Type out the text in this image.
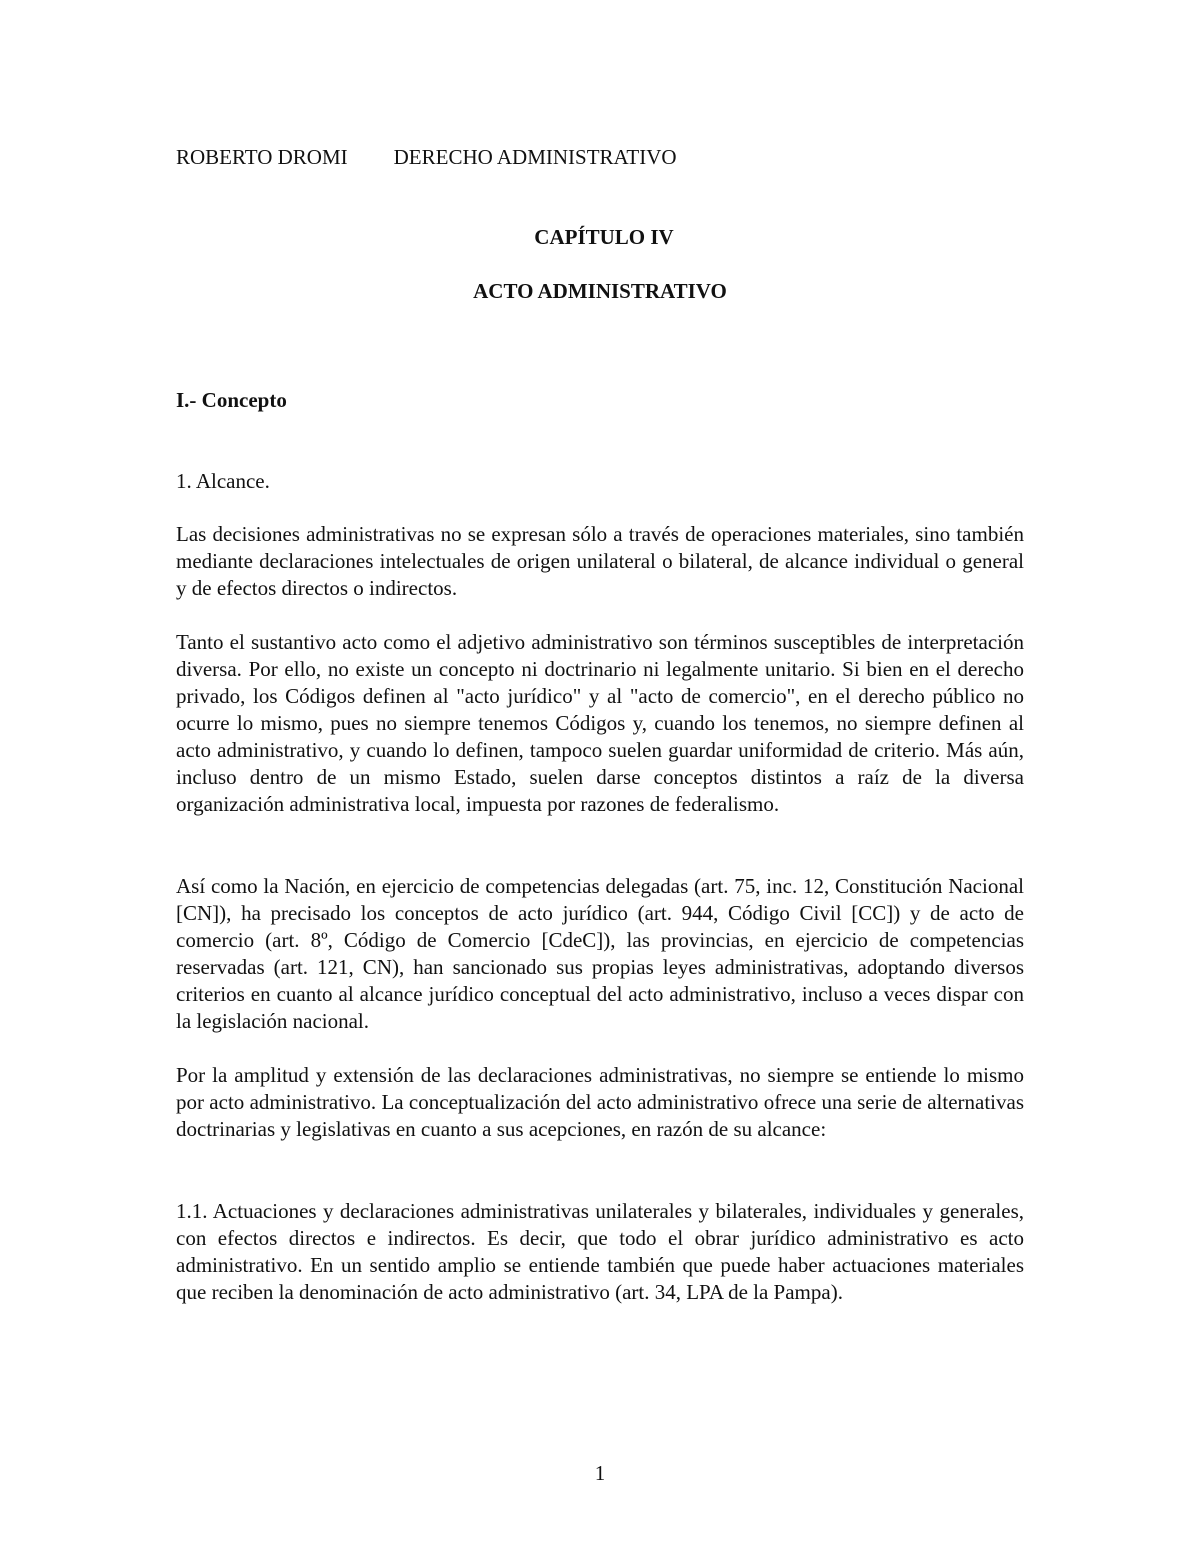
ROBERTO DROMI DERECHO ADMINISTRATIVO
CAPÍTULO IV
ACTO ADMINISTRATIVO
I.- Concepto
1. Alcance.

Las decisiones administrativas no se expresan sólo a través de operaciones materiales, sino también mediante declaraciones intelectuales de origen unilateral o bilateral, de alcance individual o general y de efectos directos o indirectos.

Tanto el sustantivo acto como el adjetivo administrativo son términos susceptibles de interpretación diversa. Por ello, no existe un concepto ni doctrinario ni legalmente unitario. Si bien en el derecho privado, los Códigos definen al "acto jurídico" y al "acto de comercio", en el derecho público no ocurre lo mismo, pues no siempre tenemos Códigos y, cuando los tenemos, no siempre definen al acto administrativo, y cuando lo definen, tampoco suelen guardar uniformidad de criterio. Más aún, incluso dentro de un mismo Estado, suelen darse conceptos distintos a raíz de la diversa organización administrativa local, impuesta por razones de federalismo.

Así como la Nación, en ejercicio de competencias delegadas (art. 75, inc. 12, Constitución Nacional [CN]), ha precisado los conceptos de acto jurídico (art. 944, Código Civil [CC]) y de acto de comercio (art. 8º, Código de Comercio [CdeC]), las provincias, en ejercicio de competencias reservadas (art. 121, CN), han sancionado sus propias leyes administrativas, adoptando diversos criterios en cuanto al alcance jurídico conceptual del acto administrativo, incluso a veces dispar con la legislación nacional.

Por la amplitud y extensión de las declaraciones administrativas, no siempre se entiende lo mismo por acto administrativo. La conceptualización del acto administrativo ofrece una serie de alternativas doctrinarias y legislativas en cuanto a sus acepciones, en razón de su alcance:

1.1. Actuaciones y declaraciones administrativas unilaterales y bilaterales, individuales y generales, con efectos directos e indirectos. Es decir, que todo el obrar jurídico administrativo es acto administrativo. En un sentido amplio se entiende también que puede haber actuaciones materiales que reciben la denominación de acto administrativo (art. 34, LPA de la Pampa).

1
